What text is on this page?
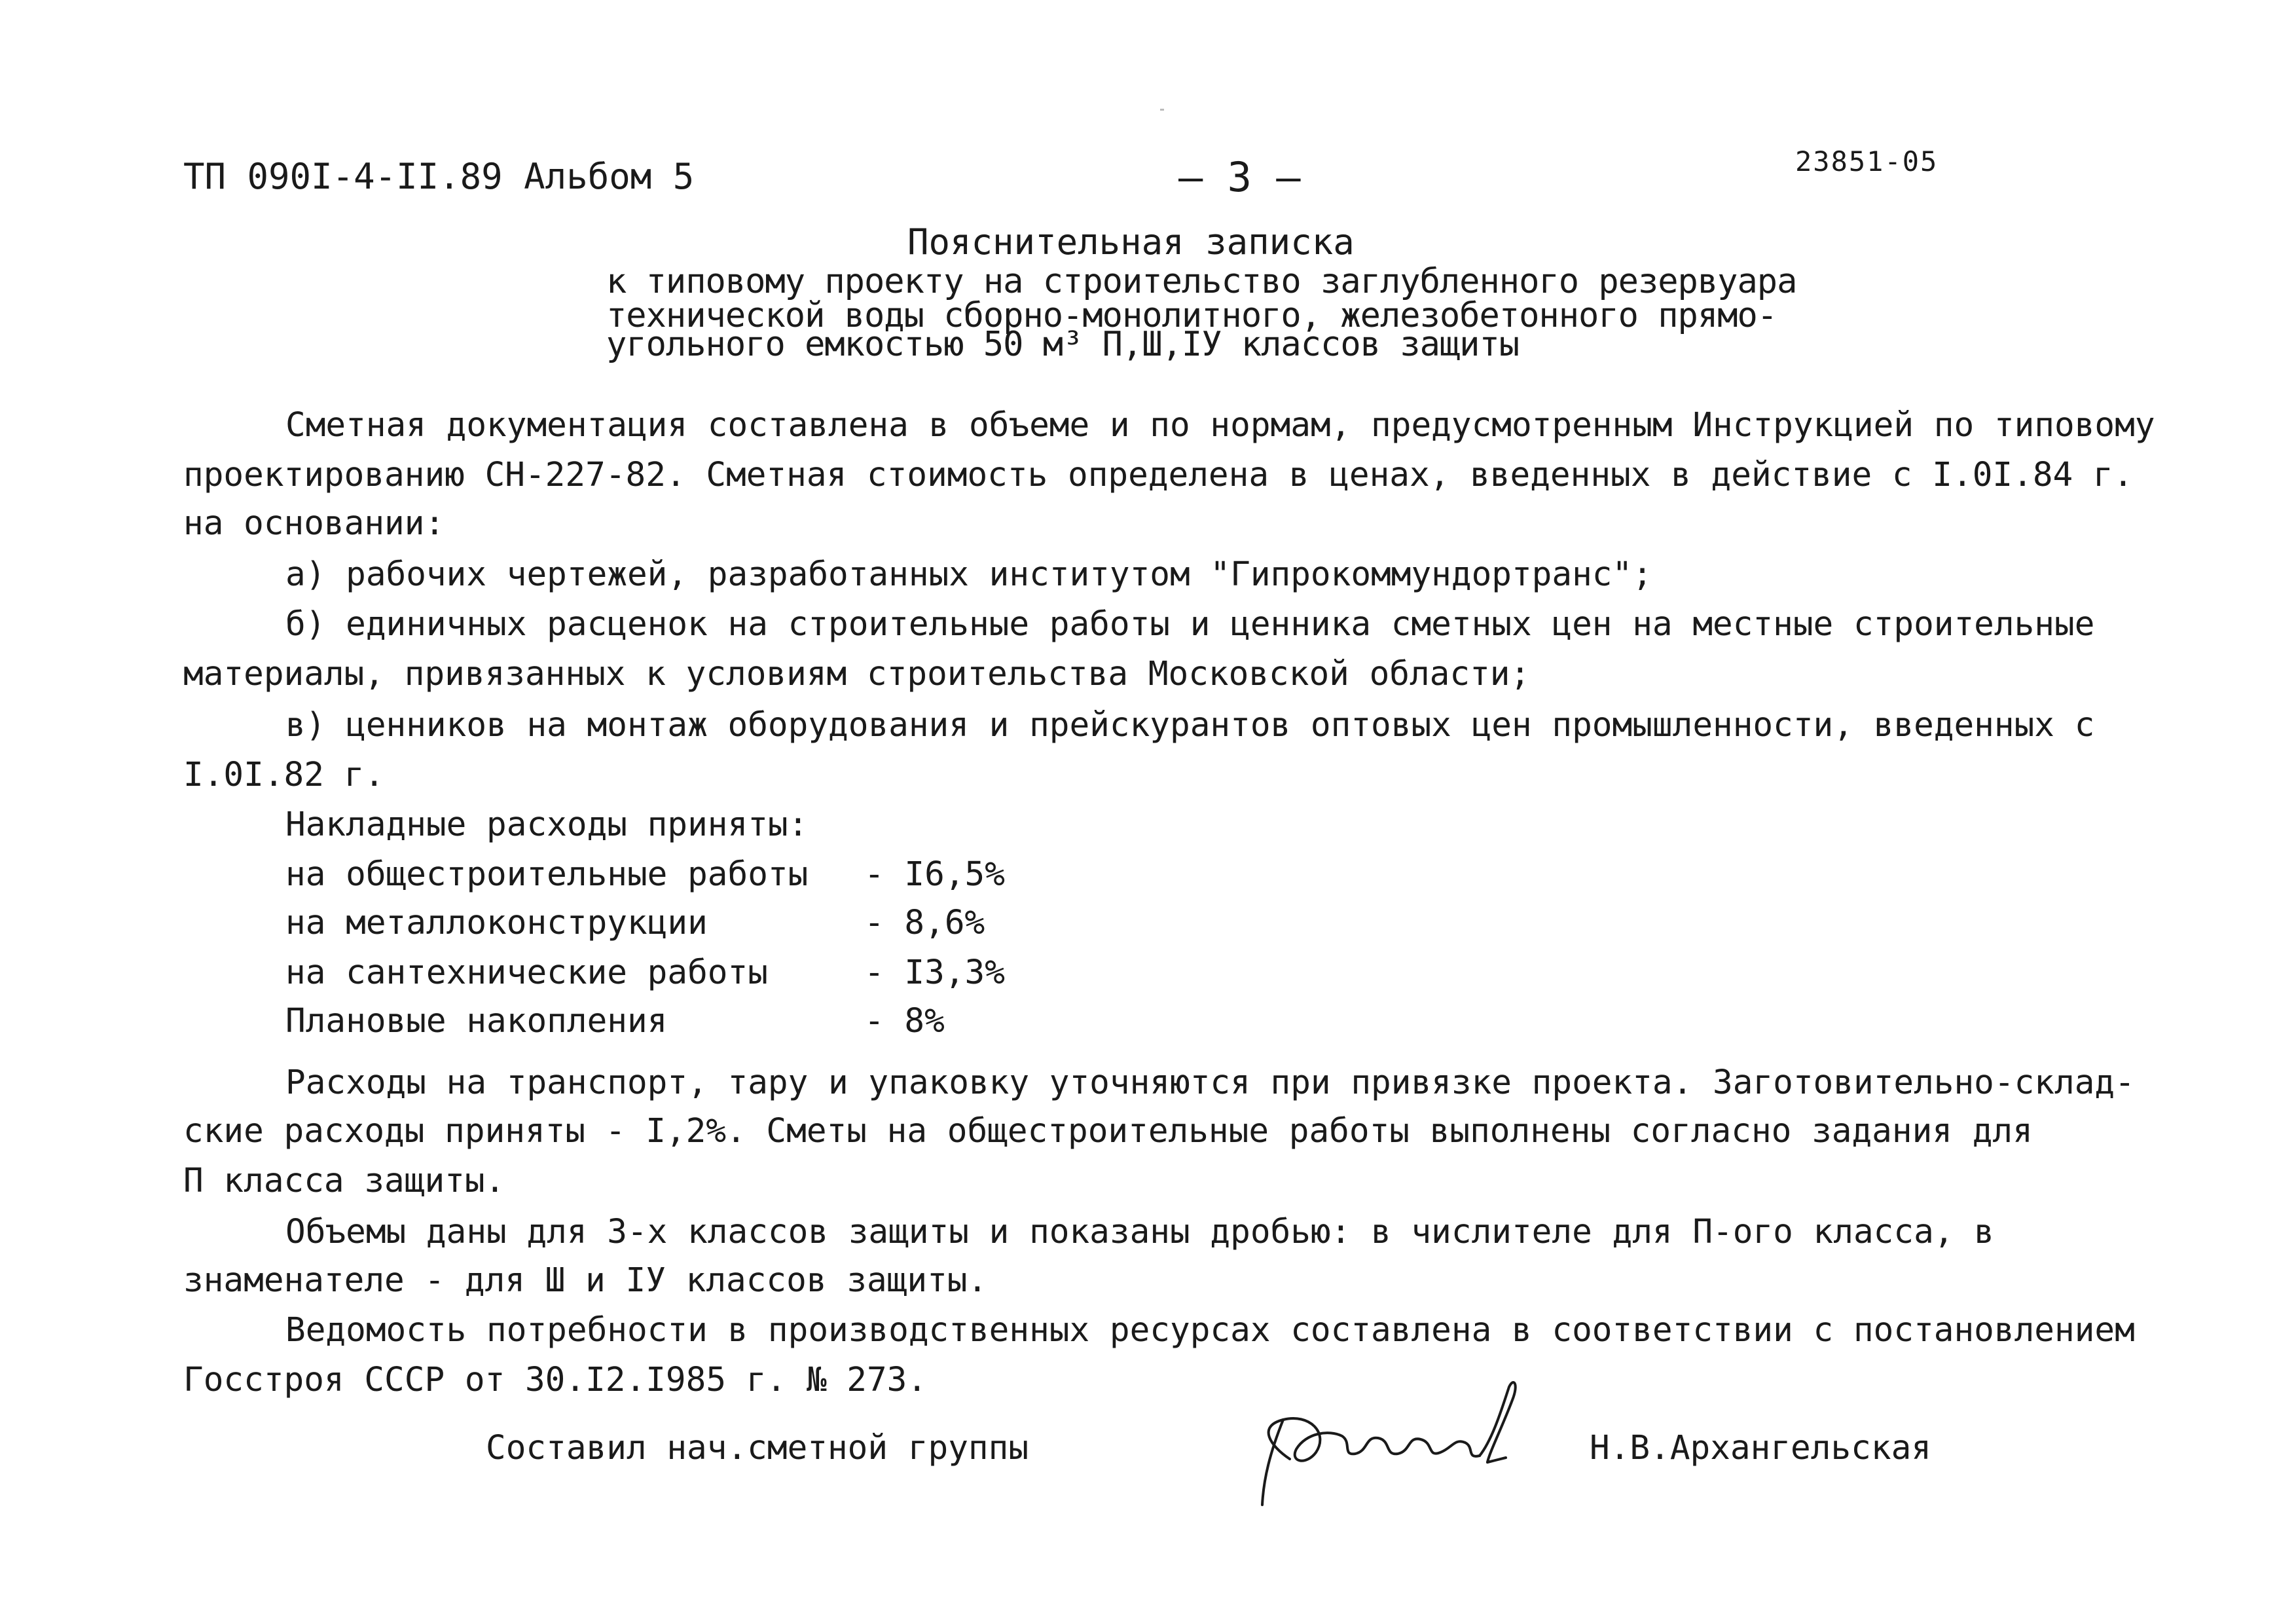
ТП 090I-4-II.89 Альбом 5	– 3 –	23851-05
Пояснительная записка
к типовому проекту на строительство заглубленного резервуара
технической воды сборно-монолитного, железобетонного прямо-
угольного емкостью 50 м³ П,Ш,IУ классов защиты
Сметная документация составлена в объеме и по нормам, предусмотренным Инструкцией по типовому
проектированию СН-227-82. Сметная стоимость определена в ценах, введенных в действие с I.0I.84 г.
на основании:
а) рабочих чертежей, разработанных институтом "Гипрокоммундортранс";
б) единичных расценок на строительные работы и ценника сметных цен на местные строительные
материалы, привязанных к условиям строительства Московской области;
в) ценников на монтаж оборудования и прейскурантов оптовых цен промышленности, введенных с
I.0I.82 г.
Накладные расходы приняты:
на общестроительные работы - I6,5%
на металлоконструкции	- 8,6%
на сантехнические работы	- I3,3%
Плановые накопления	- 8%
Расходы на транспорт, тару и упаковку уточняются при привязке проекта. Заготовительно-склад-
ские расходы приняты - I,2%. Сметы на общестроительные работы выполнены согласно задания для
П класса защиты.
Объемы даны для 3-х классов защиты и показаны дробью: в числителе для П-ого класса, в
знаменателе - для Ш и IУ классов защиты.
Ведомость потребности в производственных ресурсах составлена в соответствии с постановлением
Госстроя СССР от 30.I2.I985 г. № 273.
Составил нач.сметной группы	Н.В.Архангельская
